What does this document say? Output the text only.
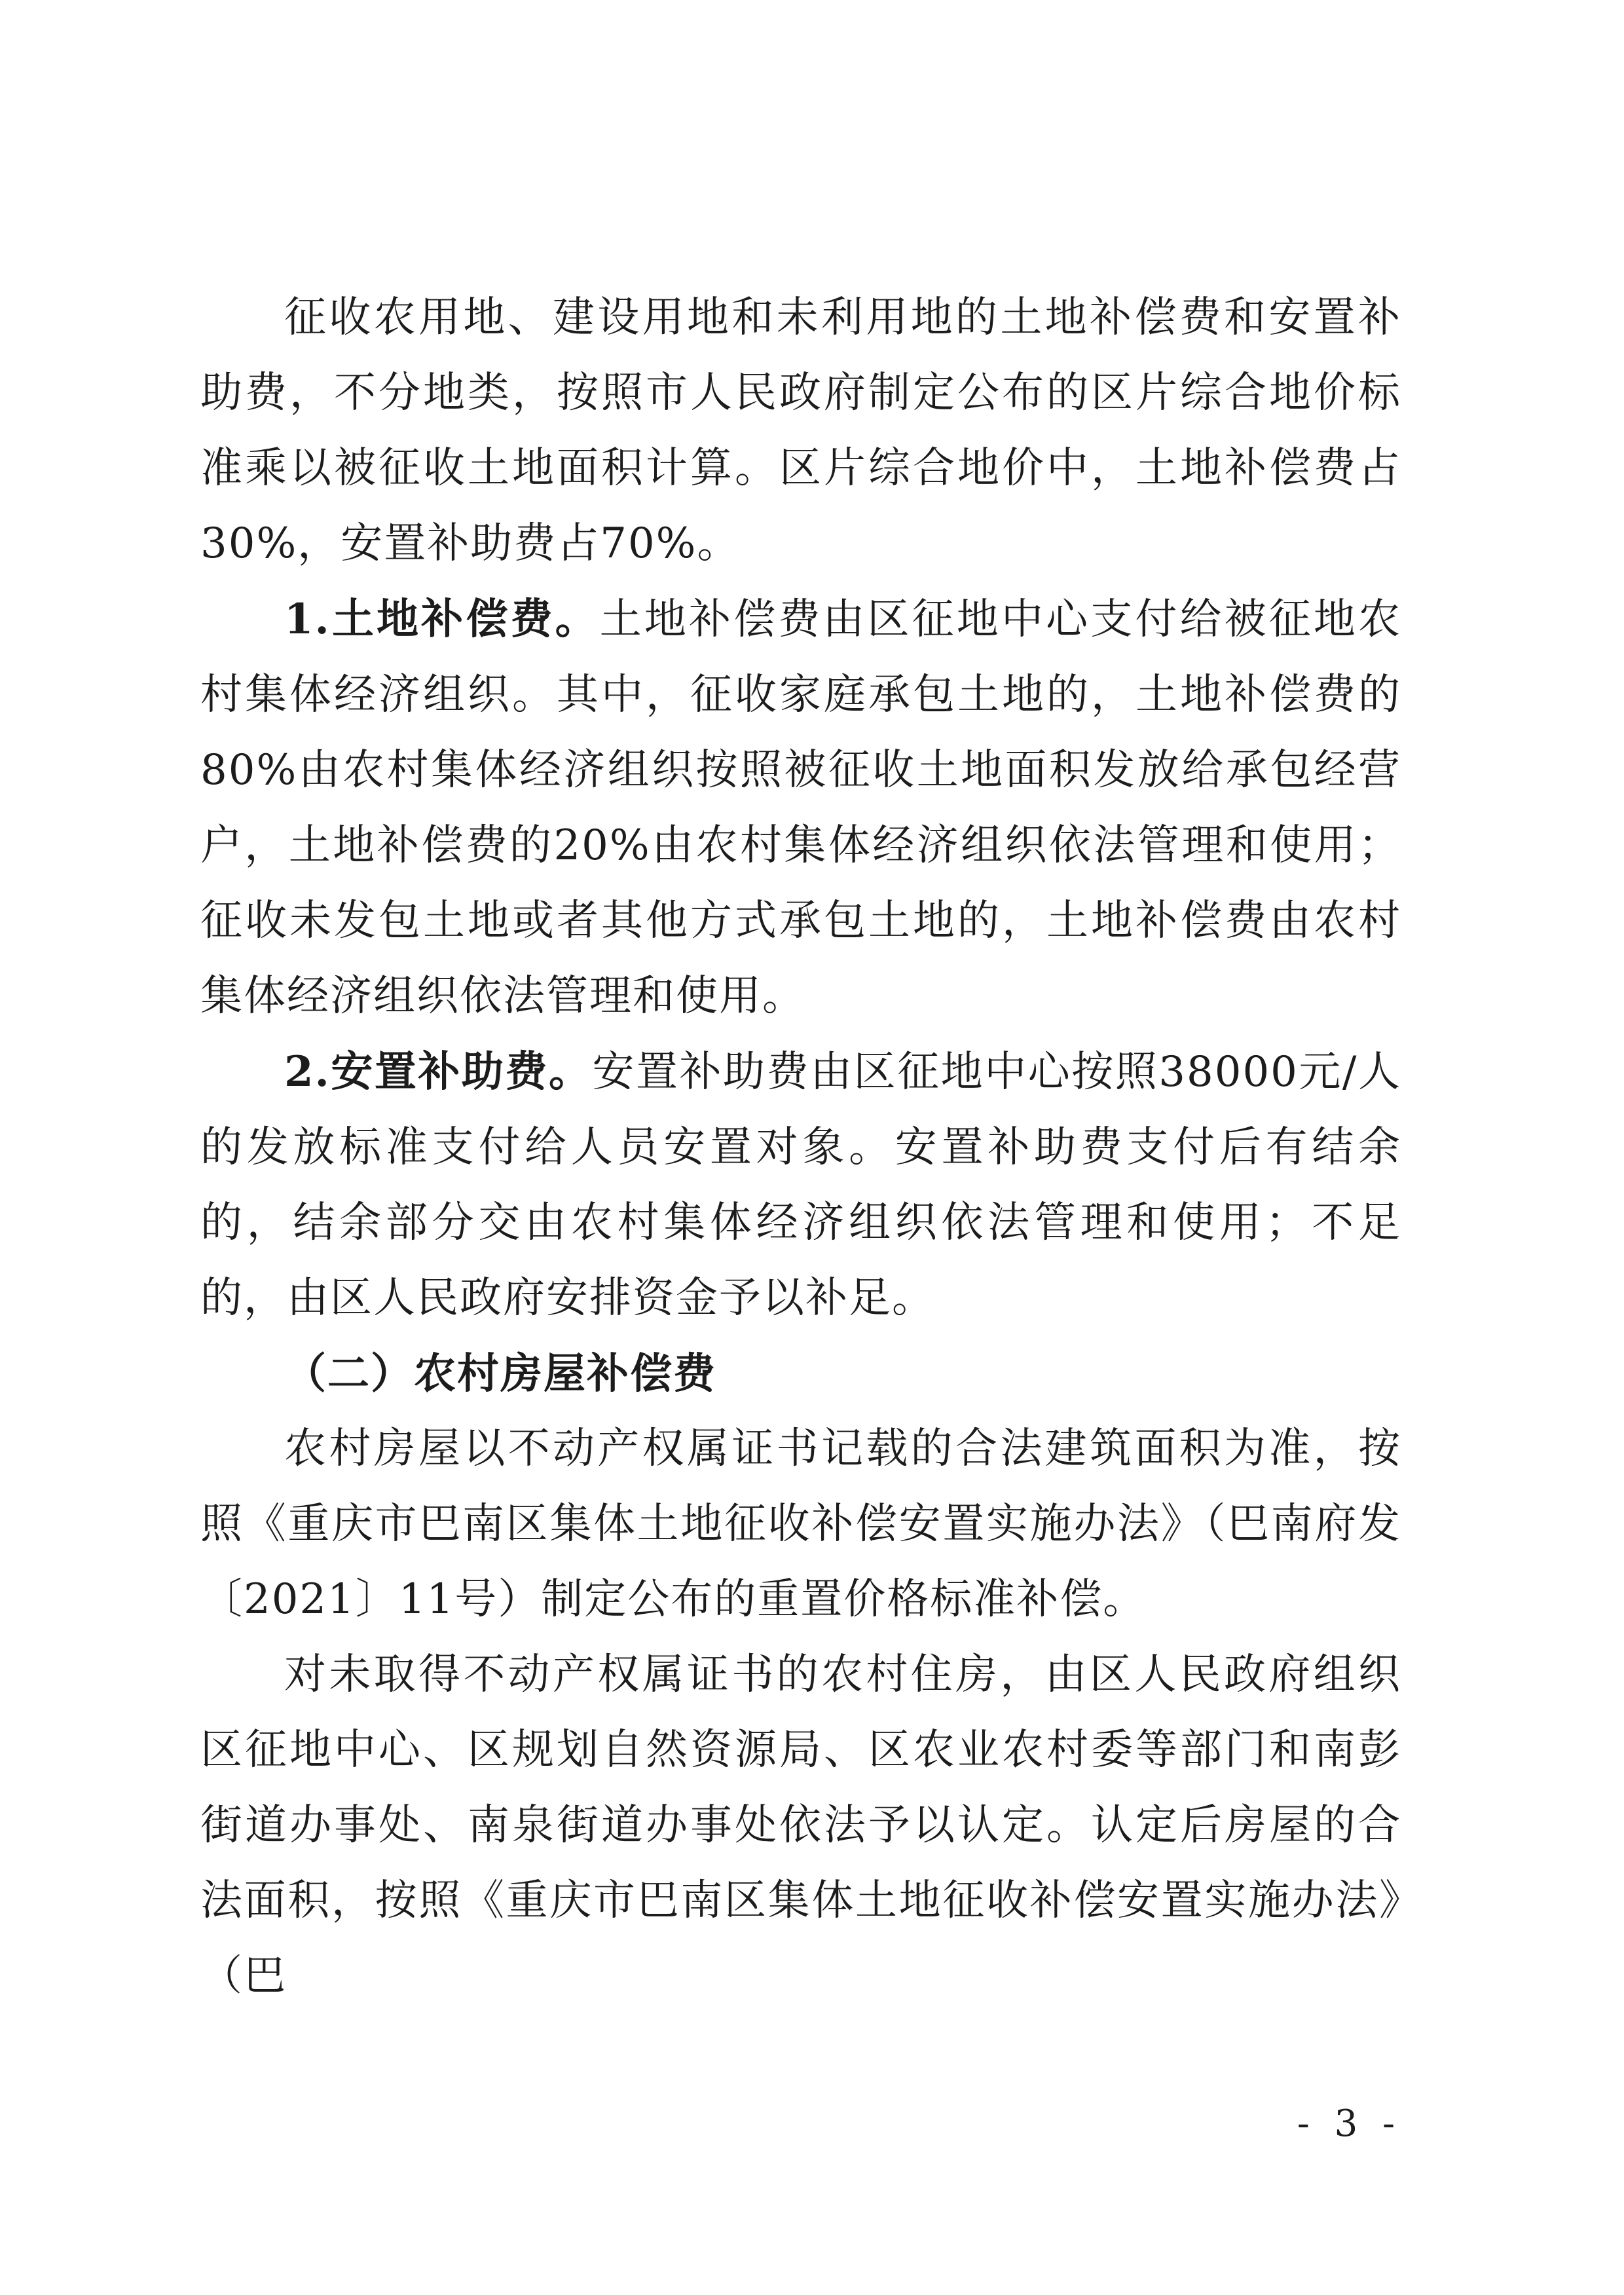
征收农用地、建设用地和未利用地的土地补偿费和安置补助费，不分地类，按照市人民政府制定公布的区片综合地价标准乘以被征收土地面积计算。区片综合地价中，土地补偿费占30%，安置补助费占70%。

1.土地补偿费。土地补偿费由区征地中心支付给被征地农村集体经济组织。其中，征收家庭承包土地的，土地补偿费的80%由农村集体经济组织按照被征收土地面积发放给承包经营户，土地补偿费的20%由农村集体经济组织依法管理和使用；征收未发包土地或者其他方式承包土地的，土地补偿费由农村集体经济组织依法管理和使用。

2.安置补助费。安置补助费由区征地中心按照38000元/人的发放标准支付给人员安置对象。安置补助费支付后有结余的，结余部分交由农村集体经济组织依法管理和使用；不足的，由区人民政府安排资金予以补足。

（二）农村房屋补偿费

农村房屋以不动产权属证书记载的合法建筑面积为准，按照《重庆市巴南区集体土地征收补偿安置实施办法》（巴南府发〔2021〕11号）制定公布的重置价格标准补偿。

对未取得不动产权属证书的农村住房，由区人民政府组织区征地中心、区规划自然资源局、区农业农村委等部门和南彭街道办事处、南泉街道办事处依法予以认定。认定后房屋的合法面积，按照《重庆市巴南区集体土地征收补偿安置实施办法》（巴

- 3 -
